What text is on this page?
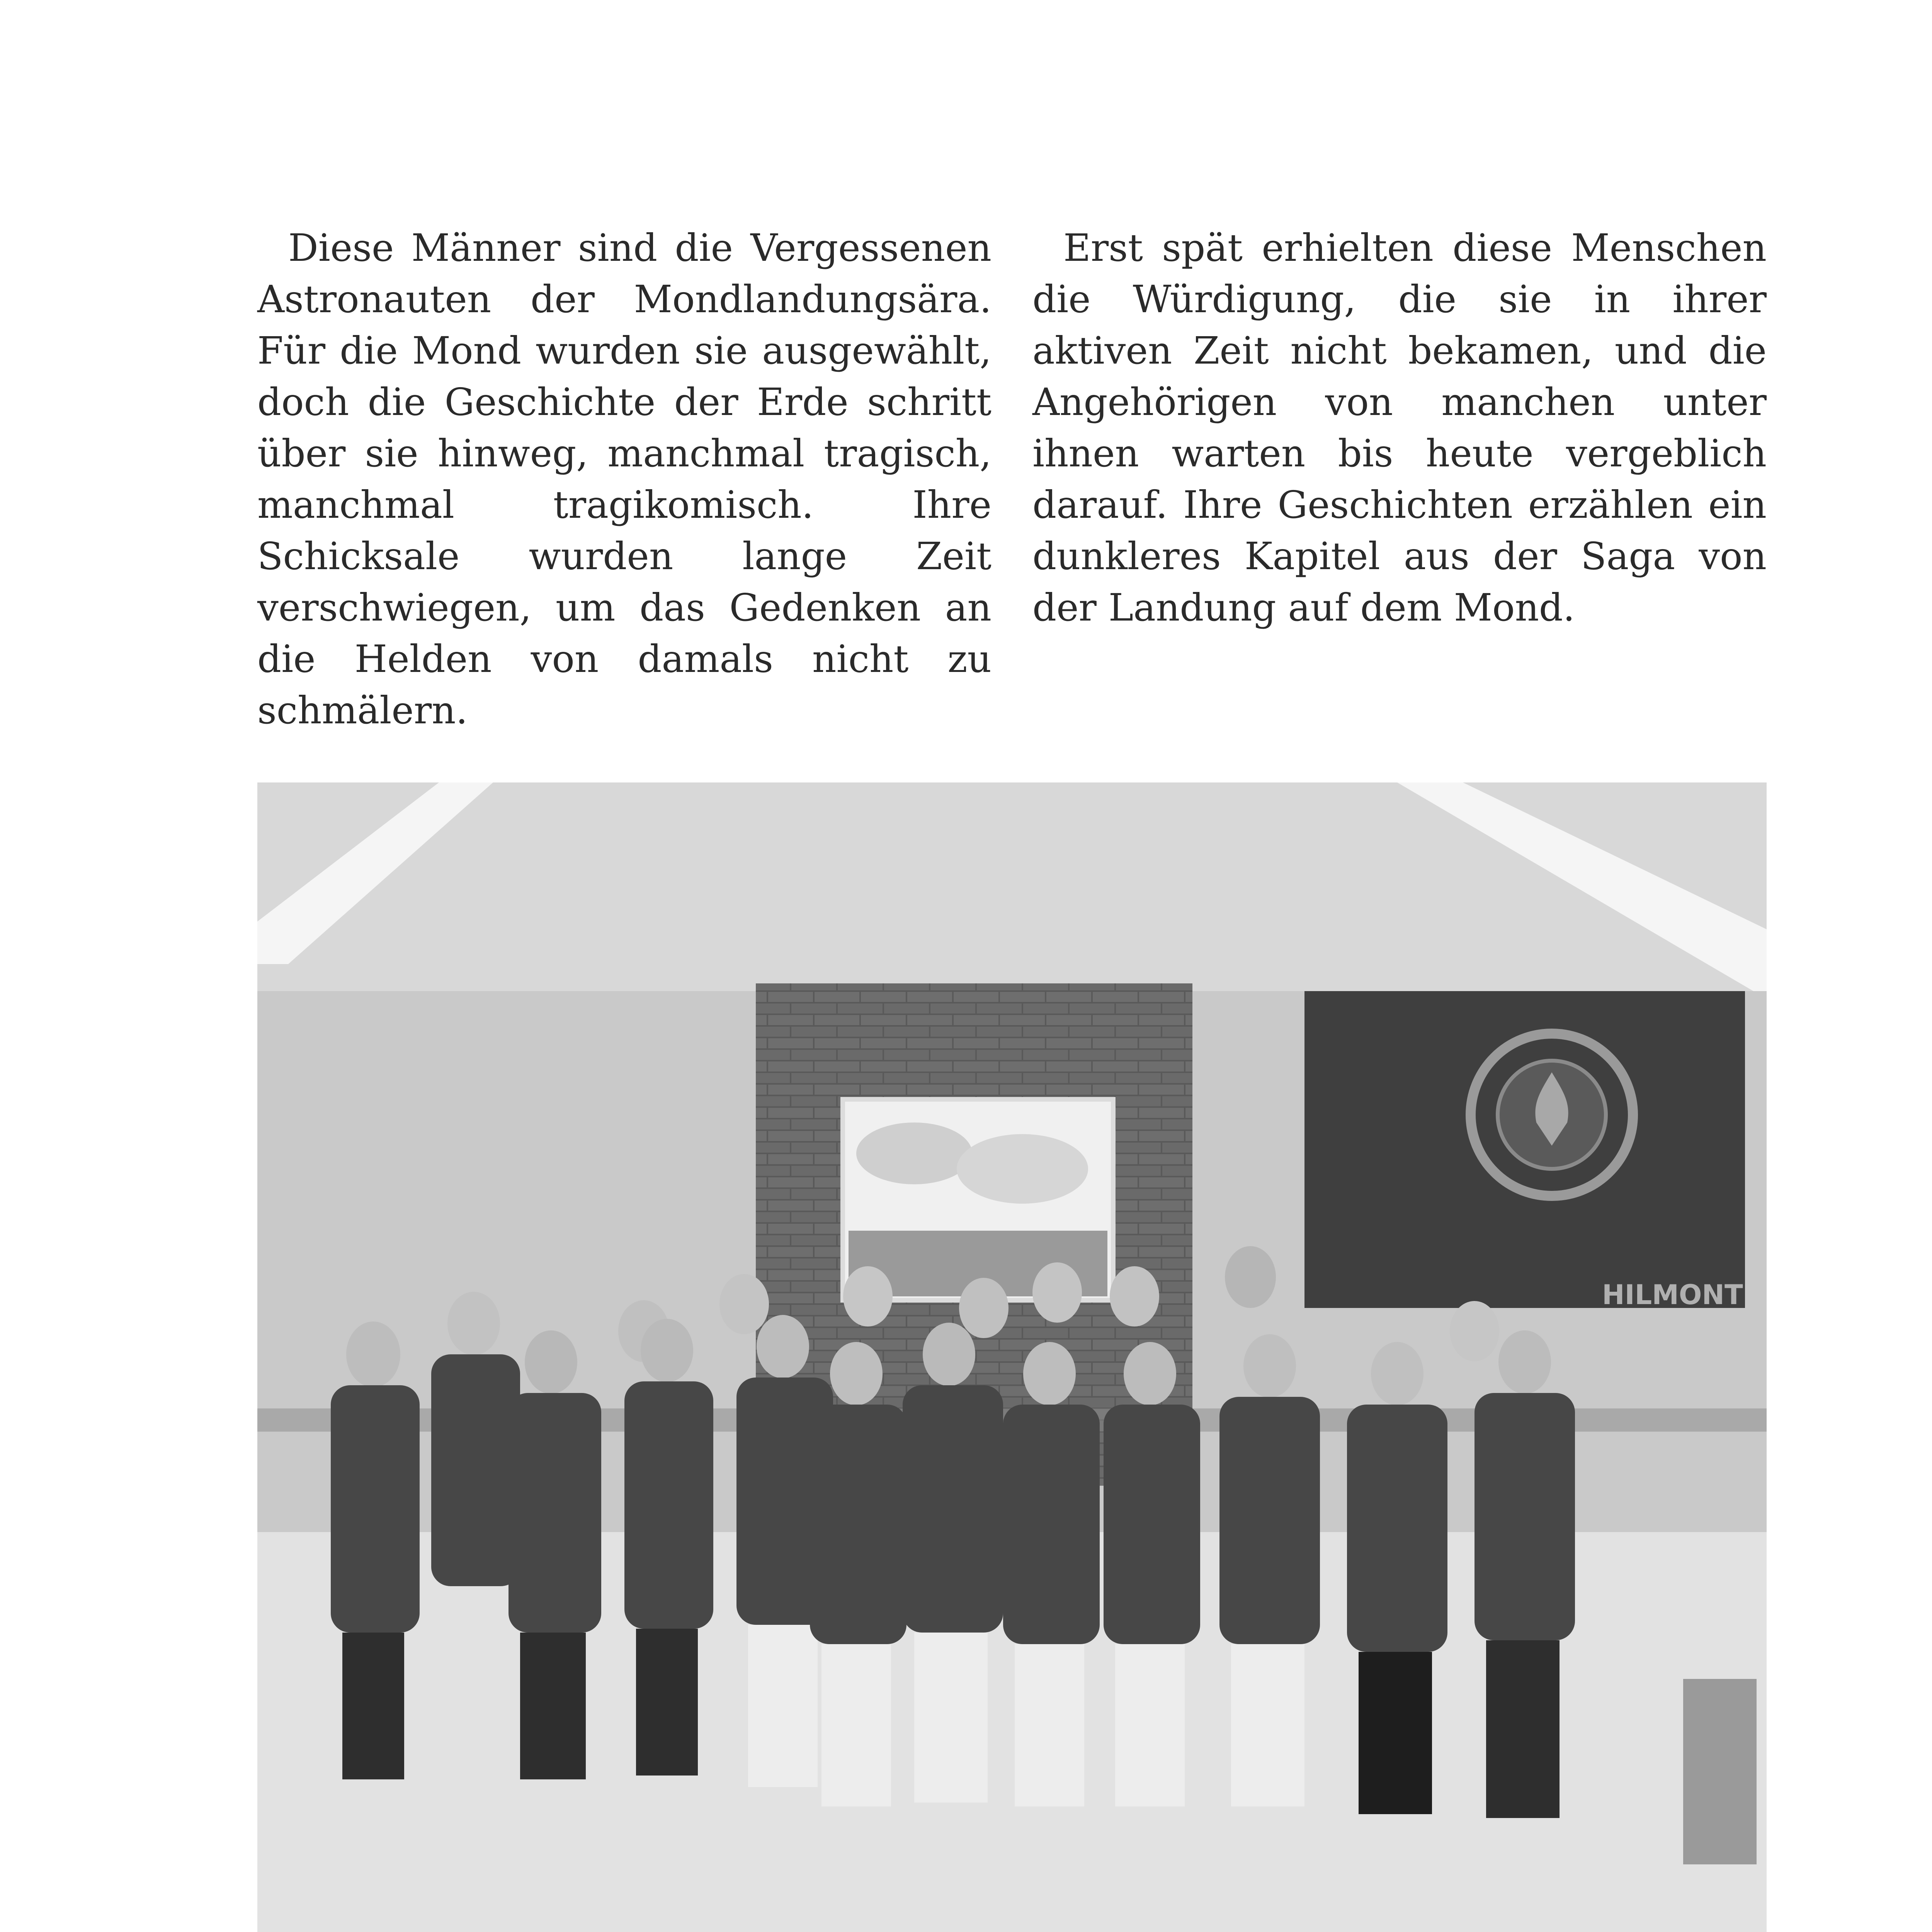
Diese Männer sind die Vergessenen Astronauten der Mondlandungsära. Für die Mond wurden sie ausgewählt, doch die Geschichte der Erde schritt über sie hinweg, manchmal tragisch, manchmal tragikomisch. Ihre Schicksale wurden lange Zeit verschwiegen, um das Gedenken an die Helden von damals nicht zu schmälern.

Erst spät erhielten diese Menschen die Würdigung, die sie in ihrer aktiven Zeit nicht bekamen, und die Angehörigen von manchen unter ihnen warten bis heute vergeblich darauf. Ihre Geschichten erzählen ein dunkleres Kapitel aus der Saga von der Landung auf dem Mond.

HILMONT
